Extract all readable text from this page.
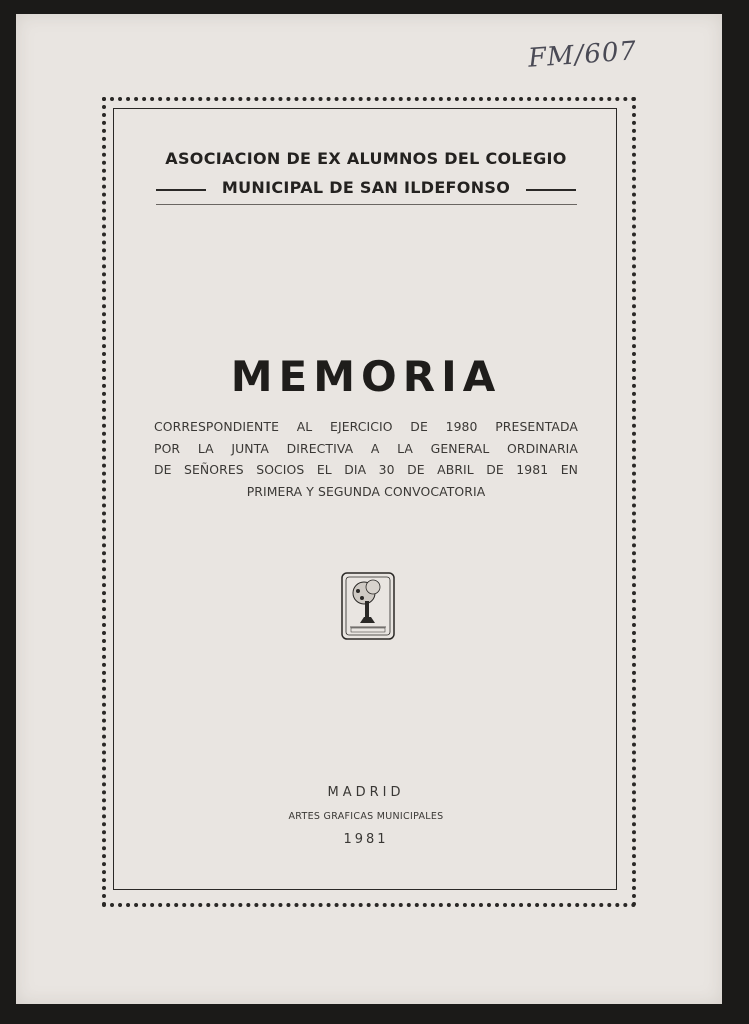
FM/607
ASOCIACION DE EX ALUMNOS DEL COLEGIO
MUNICIPAL DE SAN ILDEFONSO
MEMORIA
CORRESPONDIENTE AL EJERCICIO DE 1980 PRESENTADA
POR LA JUNTA DIRECTIVA A LA GENERAL ORDINARIA
DE SEÑORES SOCIOS EL DIA 30 DE ABRIL DE 1981 EN
PRIMERA Y SEGUNDA CONVOCATORIA
MADRID
ARTES GRAFICAS MUNICIPALES
1981
